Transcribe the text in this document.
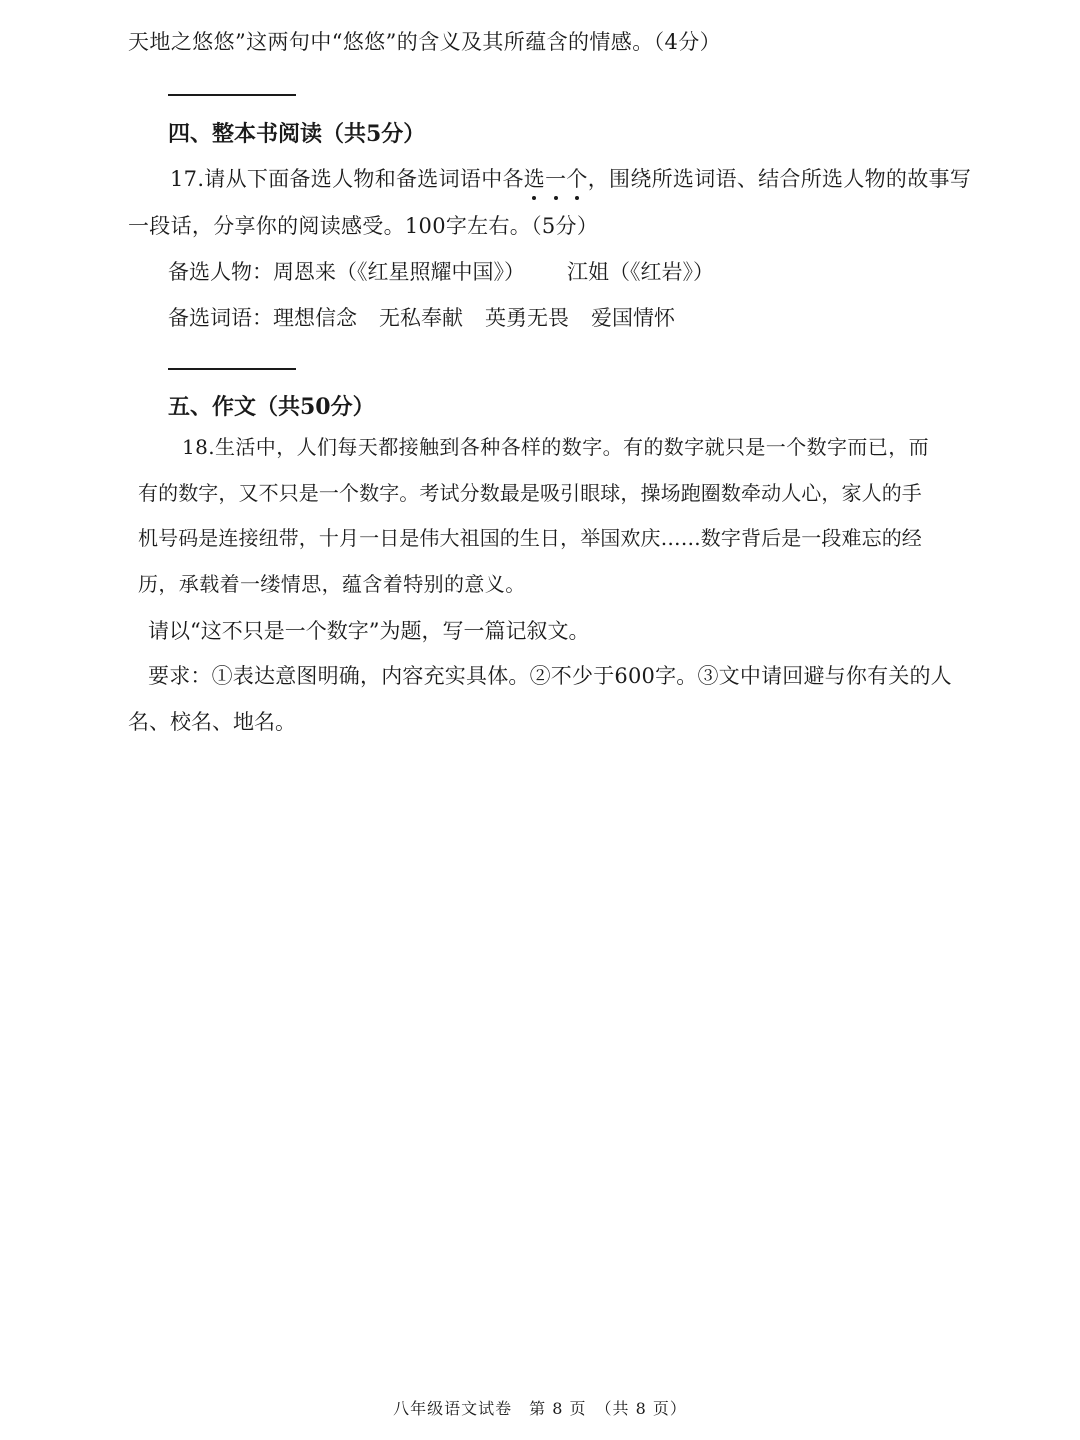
天地之悠悠”这两句中“悠悠”的含义及其所蕴含的情感。（4分）
四、整本书阅读（共5分）
17.请从下面备选人物和备选词语中各选一个，围绕所选词语、结合所选人物的故事写
一段话，分享你的阅读感受。100字左右。（5分）
备选人物：周恩来（《红星照耀中国》） 江姐（《红岩》）
备选词语：理想信念 无私奉献 英勇无畏 爱国情怀
五、作文（共50分）
18.生活中，人们每天都接触到各种各样的数字。有的数字就只是一个数字而已，而
有的数字，又不只是一个数字。考试分数最是吸引眼球，操场跑圈数牵动人心，家人的手
机号码是连接纽带，十月一日是伟大祖国的生日，举国欢庆……数字背后是一段难忘的经
历，承载着一缕情思，蕴含着特别的意义。
请以“这不只是一个数字”为题，写一篇记叙文。
要求：①表达意图明确，内容充实具体。②不少于600字。③文中请回避与你有关的人
名、校名、地名。
八年级语文试卷　第 8 页　（共 8 页）
